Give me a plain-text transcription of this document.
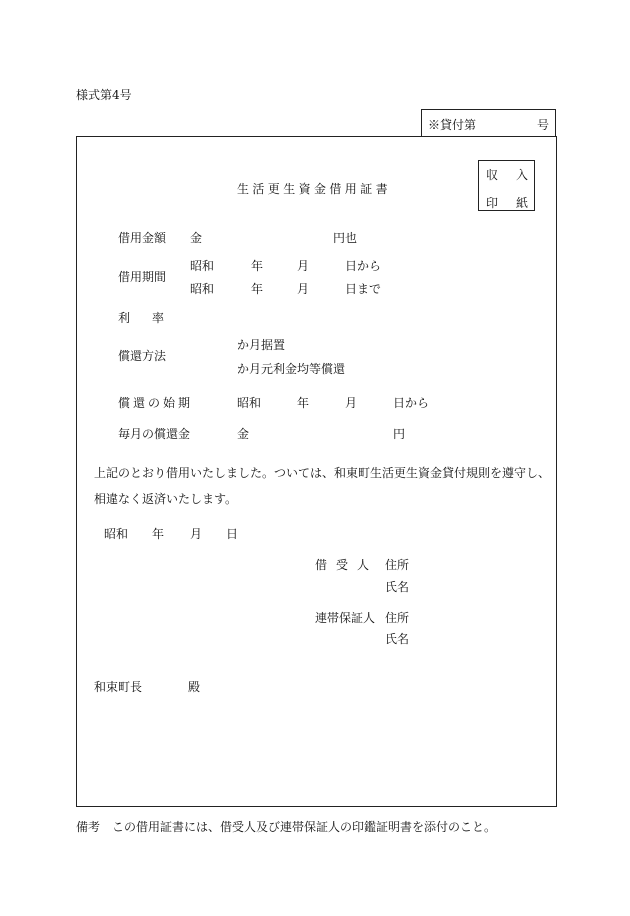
様式第4号
※貸付第	号
生活更生資金借用証書
収 入
印 紙
借用金額 金	円也
借用期間
昭和	年	月	日から
昭和	年	月	日まで
利 率
償還方法
か月据置
か月元利金均等償還
償還の始期	昭和	年	月	日から
毎月の償還金	金	円
上記のとおり借用いたしました。ついては、和東町生活更生資金貸付規則を遵守し、相違なく返済いたします。
昭和 年 月 日
借受人 住所
氏名
連帯保証人 住所
氏名
和束町長	殿
備考　この借用証書には、借受人及び連帯保証人の印鑑証明書を添付のこと。
